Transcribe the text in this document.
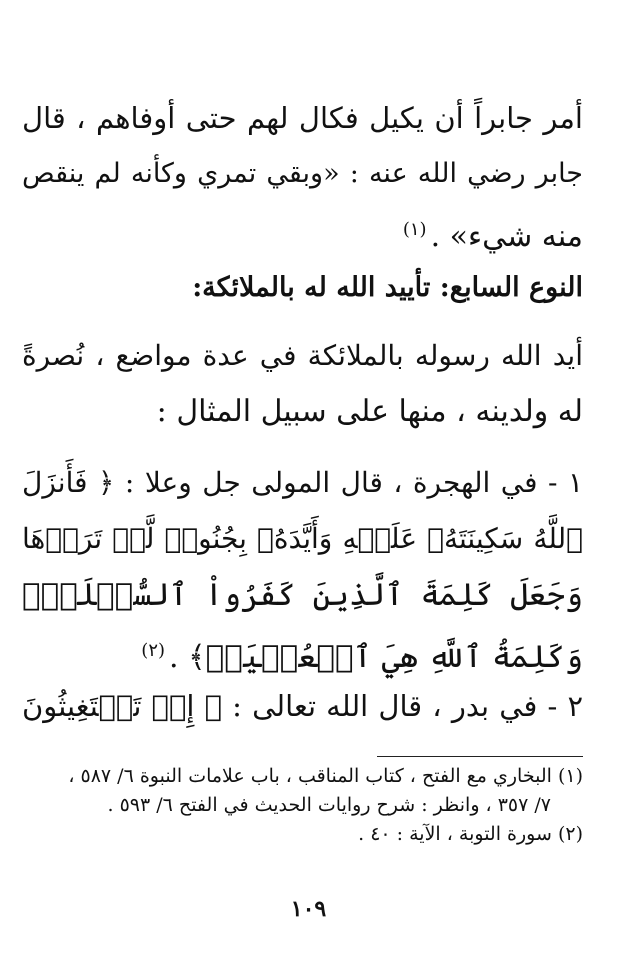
أمر جابراً أن يكيل فكال لهم حتى أوفاهم ، قال
جابر رضي الله عنه : «وبقي تمري وكأنه لم ينقص
منه شيء» .$^{(١)}$
النوع السابع: تأييد الله له بالملائكة:
أيد الله رسوله بالملائكة في عدة مواضع ، نُصرةً
له ولدينه ، منها على سبيل المثال :
١ - في الهجرة ، قال المولى جل وعلا : ﴿ فَأَنزَلَ
ٱللَّهُ سَكِينَتَهُۥ عَلَيۡهِ وَأَيَّدَهُۥ بِجُنُودٖ لَّمۡ تَرَوۡهَا
وَجَعَلَ كَلِمَةَ ٱلَّذِينَ كَفَرُواْ ٱلسُّفۡلَىٰۗ
وَكَلِمَةُ ٱللَّهِ هِيَ ٱلۡعُلۡيَاۗ﴾ .$^{(٢)}$
٢ - في بدر ، قال الله تعالى : ﴿ إِذۡ تَسۡتَغِيثُونَ
(١) البخاري مع الفتح ، كتاب المناقب ، باب علامات النبوة ٦/ ٥٨٧ ،
٧/ ٣٥٧ ، وانظر : شرح روايات الحديث في الفتح ٦/ ٥٩٣ .
(٢) سورة التوبة ، الآية : ٤٠ .
١٠٩
